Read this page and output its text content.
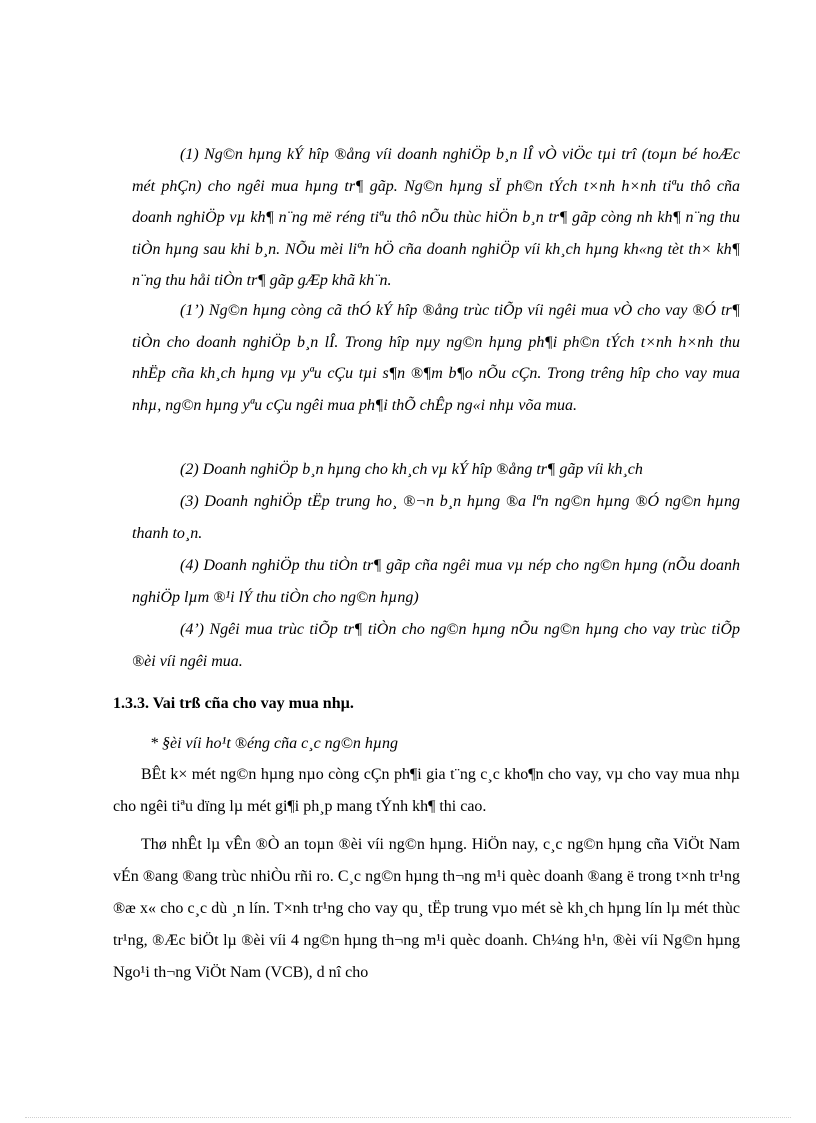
(1) Ng©n hµng kÝ hîp ®ång víi doanh nghiÖp b¸n lÎ vÒ viÖc tµi trî (toµn bé hoÆc mét phÇn) cho ngêi mua hµng tr¶ gãp. Ng©n hµng sÏ ph©n tÝch t×nh h×nh tiªu thô cña doanh nghiÖp vµ kh¶ n¨ng më réng tiªu thô nÕu thùc hiÖn b¸n tr¶ gãp còng nh kh¶ n¨ng thu tiÒn hµng sau khi b¸n. NÕu mèi liªn hÖ cña doanh nghiÖp víi kh¸ch hµng kh«ng tèt th× kh¶ n¨ng thu håi tiÒn tr¶ gãp gÆp khã kh¨n.

(1’) Ng©n hµng còng cã thÓ kÝ hîp ®ång trùc tiÕp víi ngêi mua vÒ cho vay ®Ó tr¶ tiÒn cho doanh nghiÖp b¸n lÎ. Trong hîp nµy ng©n hµng ph¶i ph©n tÝch t×nh h×nh thu nhËp cña kh¸ch hµng vµ yªu cÇu tµi s¶n ®¶m b¶o nÕu cÇn. Trong trêng hîp cho vay mua nhµ, ng©n hµng yªu cÇu ngêi mua ph¶i thÕ chÊp ng«i nhµ võa mua.

(2) Doanh nghiÖp b¸n hµng cho kh¸ch vµ kÝ hîp ®ång tr¶ gãp víi kh¸ch

(3) Doanh nghiÖp tËp trung ho¸ ®¬n b¸n hµng ®a lªn ng©n hµng ®Ó ng©n hµng thanh to¸n.

(4) Doanh nghiÖp thu tiÒn tr¶ gãp cña ngêi mua vµ nép cho ng©n hµng (nÕu doanh nghiÖp lµm ®¹i lÝ thu tiÒn cho ng©n hµng)

(4’) Ngêi mua trùc tiÕp tr¶ tiÒn cho ng©n hµng nÕu ng©n hµng cho vay trùc tiÕp ®èi víi ngêi mua.

1.3.3. Vai trß cña cho vay mua nhµ.

* §èi víi ho¹t ®éng cña c¸c ng©n hµng

BÊt k× mét ng©n hµng nµo còng cÇn ph¶i gia t¨ng c¸c kho¶n cho vay, vµ cho vay mua nhµ cho ngêi tiªu dïng lµ mét gi¶i ph¸p mang tÝnh kh¶ thi cao.

Thø nhÊt lµ vÊn ®Ò an toµn ®èi víi ng©n hµng. HiÖn nay, c¸c ng©n hµng cña ViÖt Nam vÉn ®ang ®ang trùc nhiÒu rñi ro. C¸c ng©n hµng th¬ng m¹i quèc doanh ®ang ë trong t×nh tr¹ng ®æ x« cho c¸c dù ¸n lín. T×nh tr¹ng cho vay qu¸ tËp trung vµo mét sè kh¸ch hµng lín lµ mét thùc tr¹ng, ®Æc biÖt lµ ®èi víi 4 ng©n hµng th¬ng m¹i quèc doanh. Ch¼ng h¹n, ®èi víi Ng©n hµng Ngo¹i th¬ng ViÖt Nam (VCB), d nî cho
